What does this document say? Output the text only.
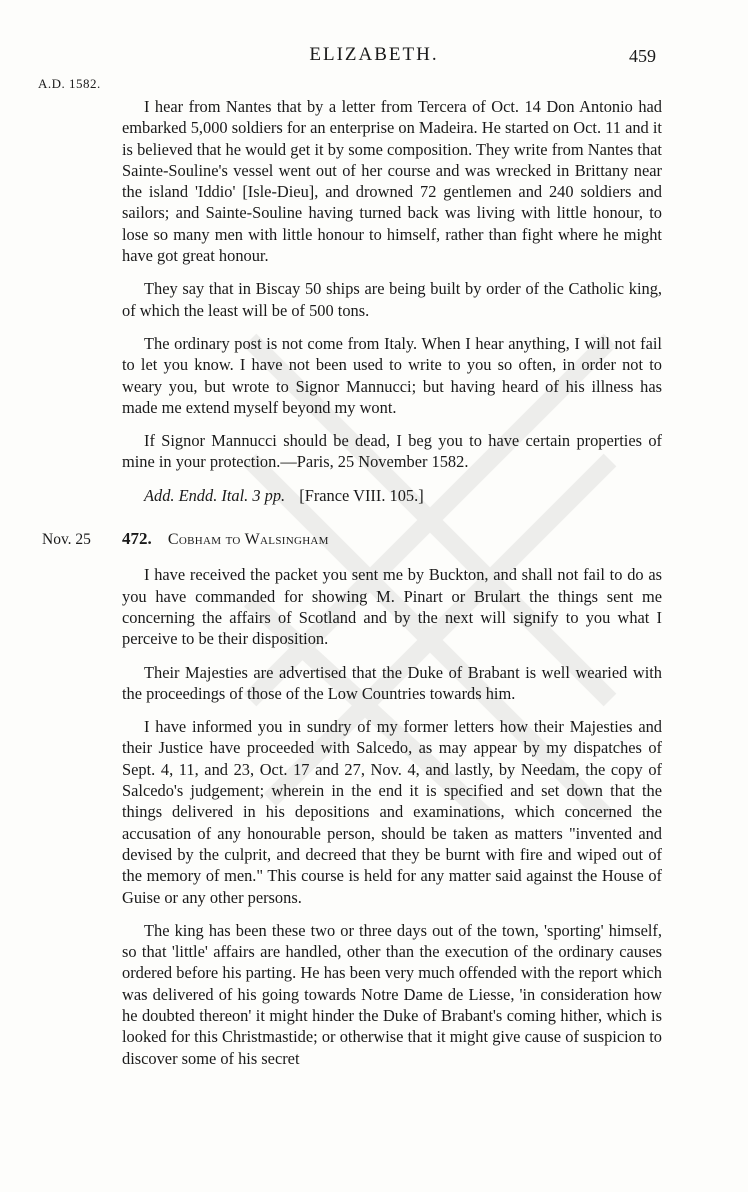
ELIZABETH.	459
A.D. 1582.

I hear from Nantes that by a letter from Tercera of Oct. 14 Don Antonio had embarked 5,000 soldiers for an enterprise on Madeira. He started on Oct. 11 and it is believed that he would get it by some composition. They write from Nantes that Sainte-Souline's vessel went out of her course and was wrecked in Brittany near the island 'Iddio' [Isle-Dieu], and drowned 72 gentlemen and 240 soldiers and sailors; and Sainte-Souline having turned back was living with little honour, to lose so many men with little honour to himself, rather than fight where he might have got great honour.

They say that in Biscay 50 ships are being built by order of the Catholic king, of which the least will be of 500 tons.

The ordinary post is not come from Italy. When I hear anything, I will not fail to let you know. I have not been used to write to you so often, in order not to weary you, but wrote to Signor Mannucci; but having heard of his illness has made me extend myself beyond my wont.

If Signor Mannucci should be dead, I beg you to have certain properties of mine in your protection.—Paris, 25 November 1582.

Add. Endd. Ital. 3 pp. [France VIII. 105.]

Nov. 25 472. Cobham to Walsingham

I have received the packet you sent me by Buckton, and shall not fail to do as you have commanded for showing M. Pinart or Brulart the things sent me concerning the affairs of Scotland and by the next will signify to you what I perceive to be their disposition.

Their Majesties are advertised that the Duke of Brabant is well wearied with the proceedings of those of the Low Countries towards him.

I have informed you in sundry of my former letters how their Majesties and their Justice have proceeded with Salcedo, as may appear by my dispatches of Sept. 4, 11, and 23, Oct. 17 and 27, Nov. 4, and lastly, by Needam, the copy of Salcedo's judgement; wherein in the end it is specified and set down that the things delivered in his depositions and examinations, which concerned the accusation of any honourable person, should be taken as matters "invented and devised by the culprit, and decreed that they be burnt with fire and wiped out of the memory of men." This course is held for any matter said against the House of Guise or any other persons.

The king has been these two or three days out of the town, 'sporting' himself, so that 'little' affairs are handled, other than the execution of the ordinary causes ordered before his parting. He has been very much offended with the report which was delivered of his going towards Notre Dame de Liesse, 'in consideration how he doubted thereon' it might hinder the Duke of Brabant's coming hither, which is looked for this Christmastide; or otherwise that it might give cause of suspicion to discover some of his secret
